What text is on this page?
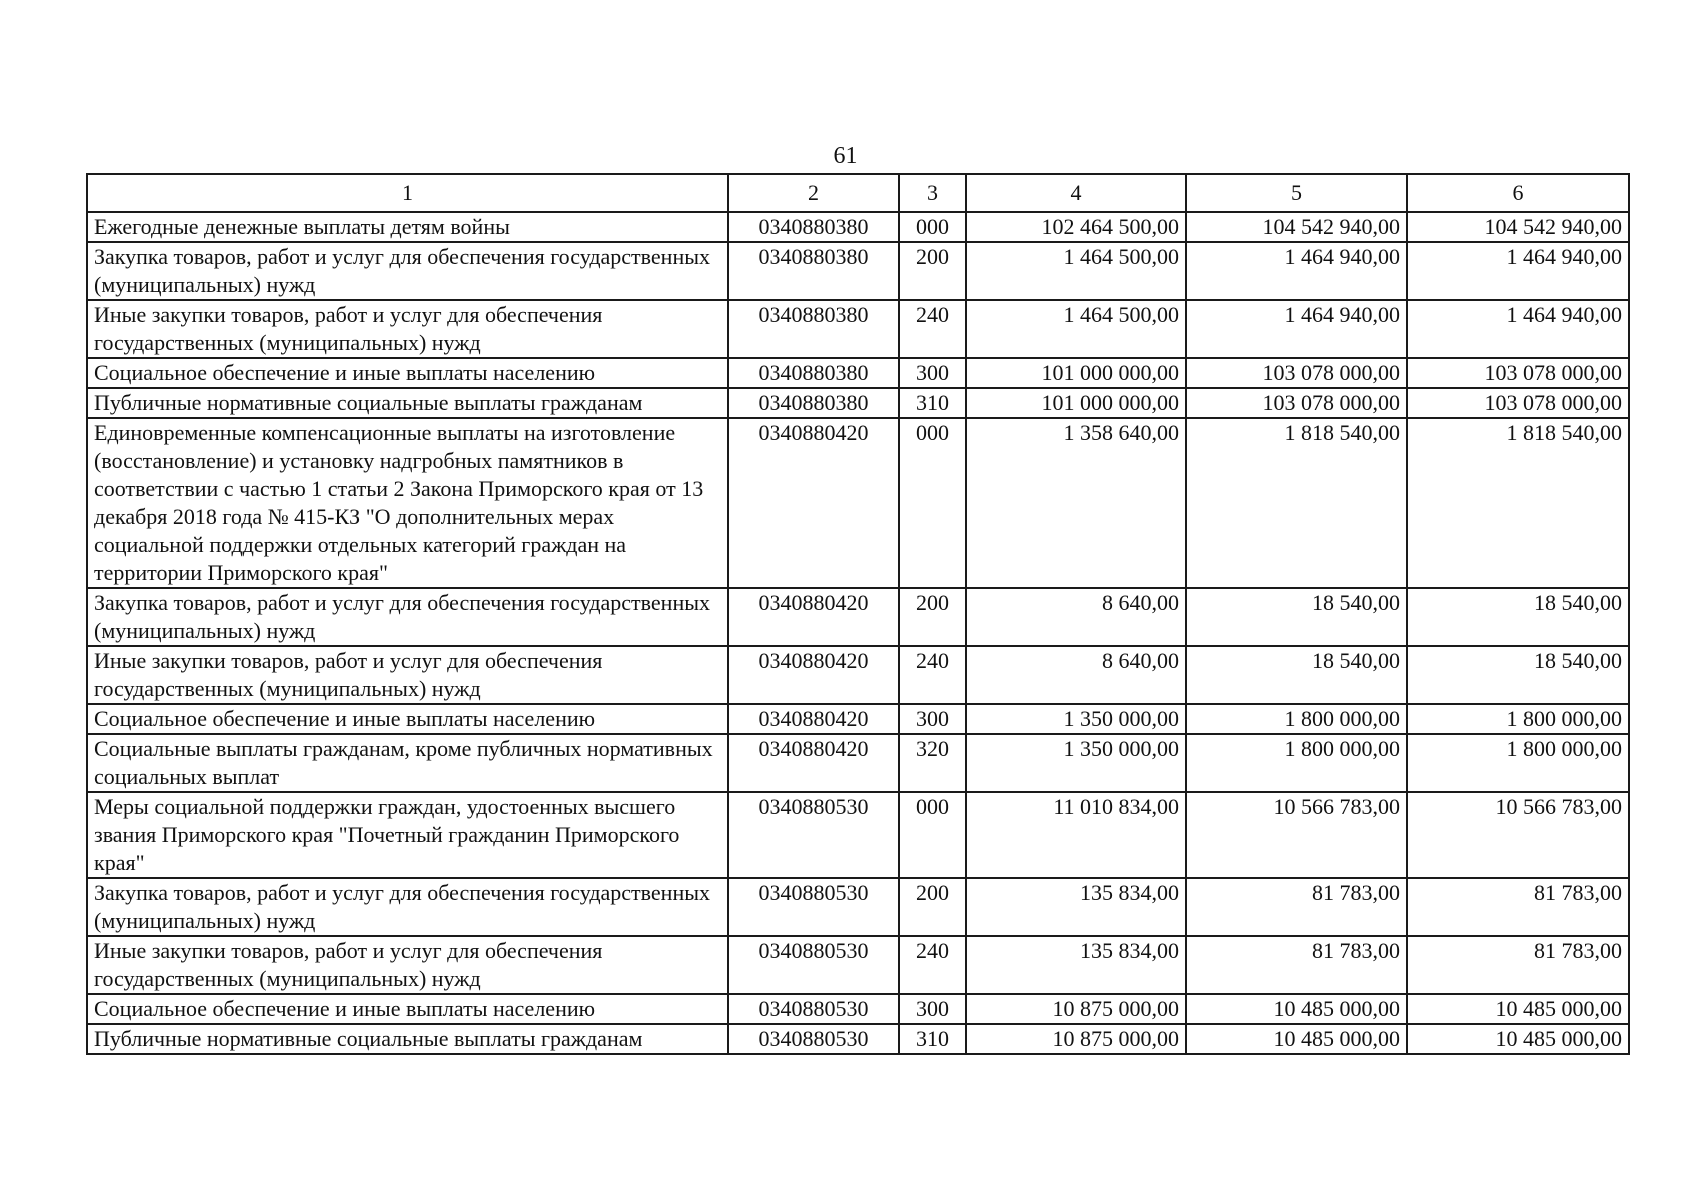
61
1	2	3	4	5	6
Ежегодные денежные выплаты детям войны	0340880380	000	102 464 500,00	104 542 940,00	104 542 940,00
Закупка товаров, работ и услуг для обеспечения государственных (муниципальных) нужд	0340880380	200	1 464 500,00	1 464 940,00	1 464 940,00
Иные закупки товаров, работ и услуг для обеспечения государственных (муниципальных) нужд	0340880380	240	1 464 500,00	1 464 940,00	1 464 940,00
Социальное обеспечение и иные выплаты населению	0340880380	300	101 000 000,00	103 078 000,00	103 078 000,00
Публичные нормативные социальные выплаты гражданам	0340880380	310	101 000 000,00	103 078 000,00	103 078 000,00
Единовременные компенсационные выплаты на изготовление (восстановление) и установку надгробных памятников в соответствии с частью 1 статьи 2 Закона Приморского края от 13 декабря 2018 года № 415-КЗ "О дополнительных мерах социальной поддержки отдельных категорий граждан на территории Приморского края"	0340880420	000	1 358 640,00	1 818 540,00	1 818 540,00
Закупка товаров, работ и услуг для обеспечения государственных (муниципальных) нужд	0340880420	200	8 640,00	18 540,00	18 540,00
Иные закупки товаров, работ и услуг для обеспечения государственных (муниципальных) нужд	0340880420	240	8 640,00	18 540,00	18 540,00
Социальное обеспечение и иные выплаты населению	0340880420	300	1 350 000,00	1 800 000,00	1 800 000,00
Социальные выплаты гражданам, кроме публичных нормативных социальных выплат	0340880420	320	1 350 000,00	1 800 000,00	1 800 000,00
Меры социальной поддержки граждан, удостоенных высшего звания Приморского края "Почетный гражданин Приморского края"	0340880530	000	11 010 834,00	10 566 783,00	10 566 783,00
Закупка товаров, работ и услуг для обеспечения государственных (муниципальных) нужд	0340880530	200	135 834,00	81 783,00	81 783,00
Иные закупки товаров, работ и услуг для обеспечения государственных (муниципальных) нужд	0340880530	240	135 834,00	81 783,00	81 783,00
Социальное обеспечение и иные выплаты населению	0340880530	300	10 875 000,00	10 485 000,00	10 485 000,00
Публичные нормативные социальные выплаты гражданам	0340880530	310	10 875 000,00	10 485 000,00	10 485 000,00
